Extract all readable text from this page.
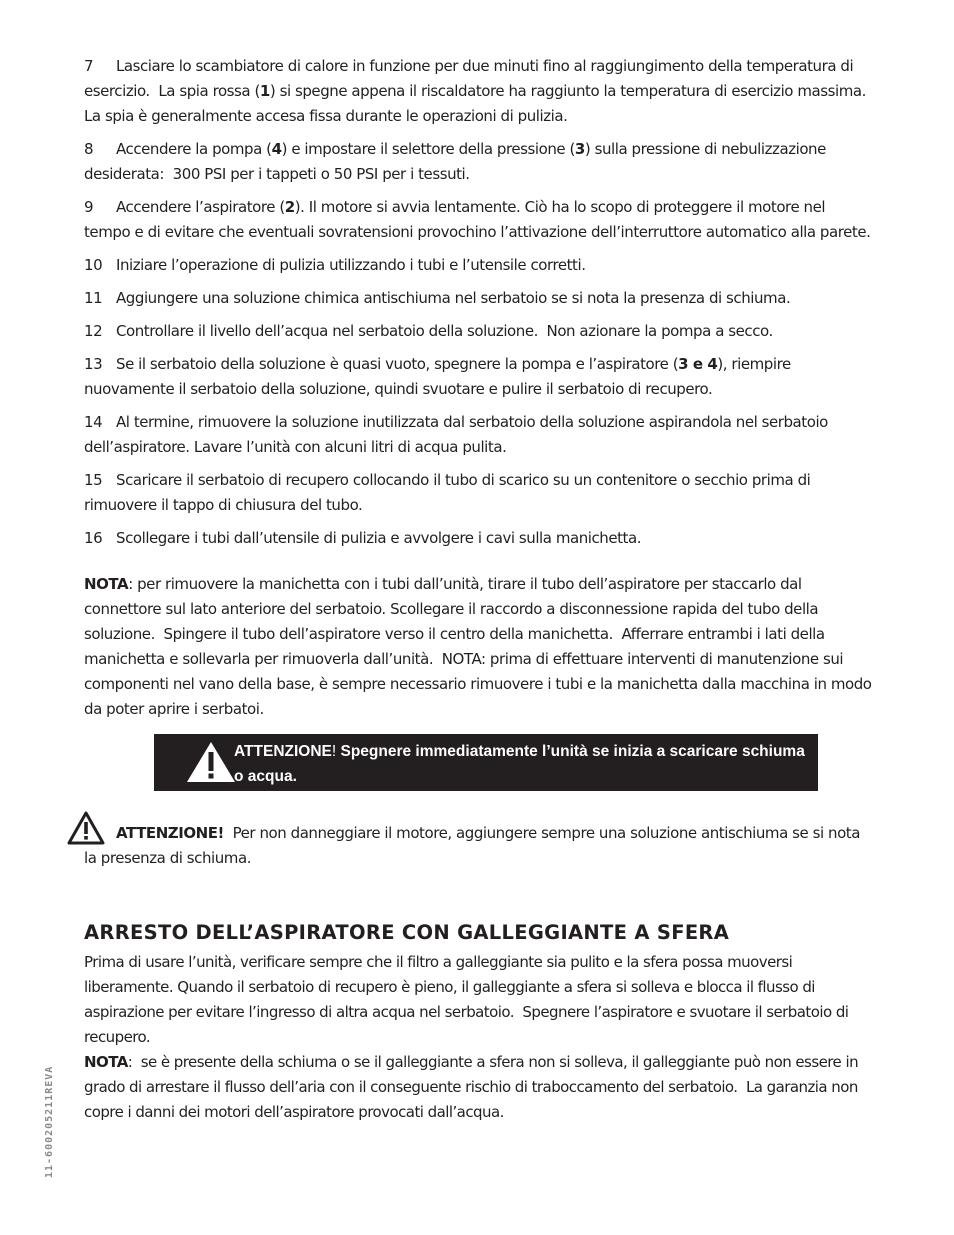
7 Lasciare lo scambiatore di calore in funzione per due minuti fino al raggiungimento della temperatura di esercizio.  La spia rossa (1) si spegne appena il riscaldatore ha raggiunto la temperatura di esercizio massima. La spia è generalmente accesa fissa durante le operazioni di pulizia.

8 Accendere la pompa (4) e impostare il selettore della pressione (3) sulla pressione di nebulizzazione desiderata:  300 PSI per i tappeti o 50 PSI per i tessuti.

9 Accendere l’aspiratore (2). Il motore si avvia lentamente. Ciò ha lo scopo di proteggere il motore nel tempo e di evitare che eventuali sovratensioni provochino l’attivazione dell’interruttore automatico alla parete.

10 Iniziare l’operazione di pulizia utilizzando i tubi e l’utensile corretti.

11 Aggiungere una soluzione chimica antischiuma nel serbatoio se si nota la presenza di schiuma.

12 Controllare il livello dell’acqua nel serbatoio della soluzione.  Non azionare la pompa a secco.

13 Se il serbatoio della soluzione è quasi vuoto, spegnere la pompa e l’aspiratore (3 e 4), riempire nuovamente il serbatoio della soluzione, quindi svuotare e pulire il serbatoio di recupero.

14 Al termine, rimuovere la soluzione inutilizzata dal serbatoio della soluzione aspirandola nel serbatoio dell’aspiratore. Lavare l’unità con alcuni litri di acqua pulita.

15 Scaricare il serbatoio di recupero collocando il tubo di scarico su un contenitore o secchio prima di rimuovere il tappo di chiusura del tubo.

16 Scollegare i tubi dall’utensile di pulizia e avvolgere i cavi sulla manichetta.

NOTA: per rimuovere la manichetta con i tubi dall’unità, tirare il tubo dell’aspiratore per staccarlo dal connettore sul lato anteriore del serbatoio. Scollegare il raccordo a disconnessione rapida del tubo della soluzione.  Spingere il tubo dell’aspiratore verso il centro della manichetta.  Afferrare entrambi i lati della manichetta e sollevarla per rimuoverla dall’unità.  NOTA: prima di effettuare interventi di manutenzione sui componenti nel vano della base, è sempre necessario rimuovere i tubi e la manichetta dalla macchina in modo da poter aprire i serbatoi.

ATTENZIONE! Spegnere immediatamente l’unità se inizia a scaricare schiuma o acqua.

ATTENZIONE!  Per non danneggiare il motore, aggiungere sempre una soluzione antischiuma se si nota la presenza di schiuma.

ARRESTO DELL’ASPIRATORE CON GALLEGGIANTE A SFERA

Prima di usare l’unità, verificare sempre che il filtro a galleggiante sia pulito e la sfera possa muoversi liberamente. Quando il serbatoio di recupero è pieno, il galleggiante a sfera si solleva e blocca il flusso di aspirazione per evitare l’ingresso di altra acqua nel serbatoio.  Spegnere l’aspiratore e svuotare il serbatoio di recupero.

NOTA:  se è presente della schiuma o se il galleggiante a sfera non si solleva, il galleggiante può non essere in grado di arrestare il flusso dell’aria con il conseguente rischio di traboccamento del serbatoio.  La garanzia non copre i danni dei motori dell’aspiratore provocati dall’acqua.

11-600205211REVA
